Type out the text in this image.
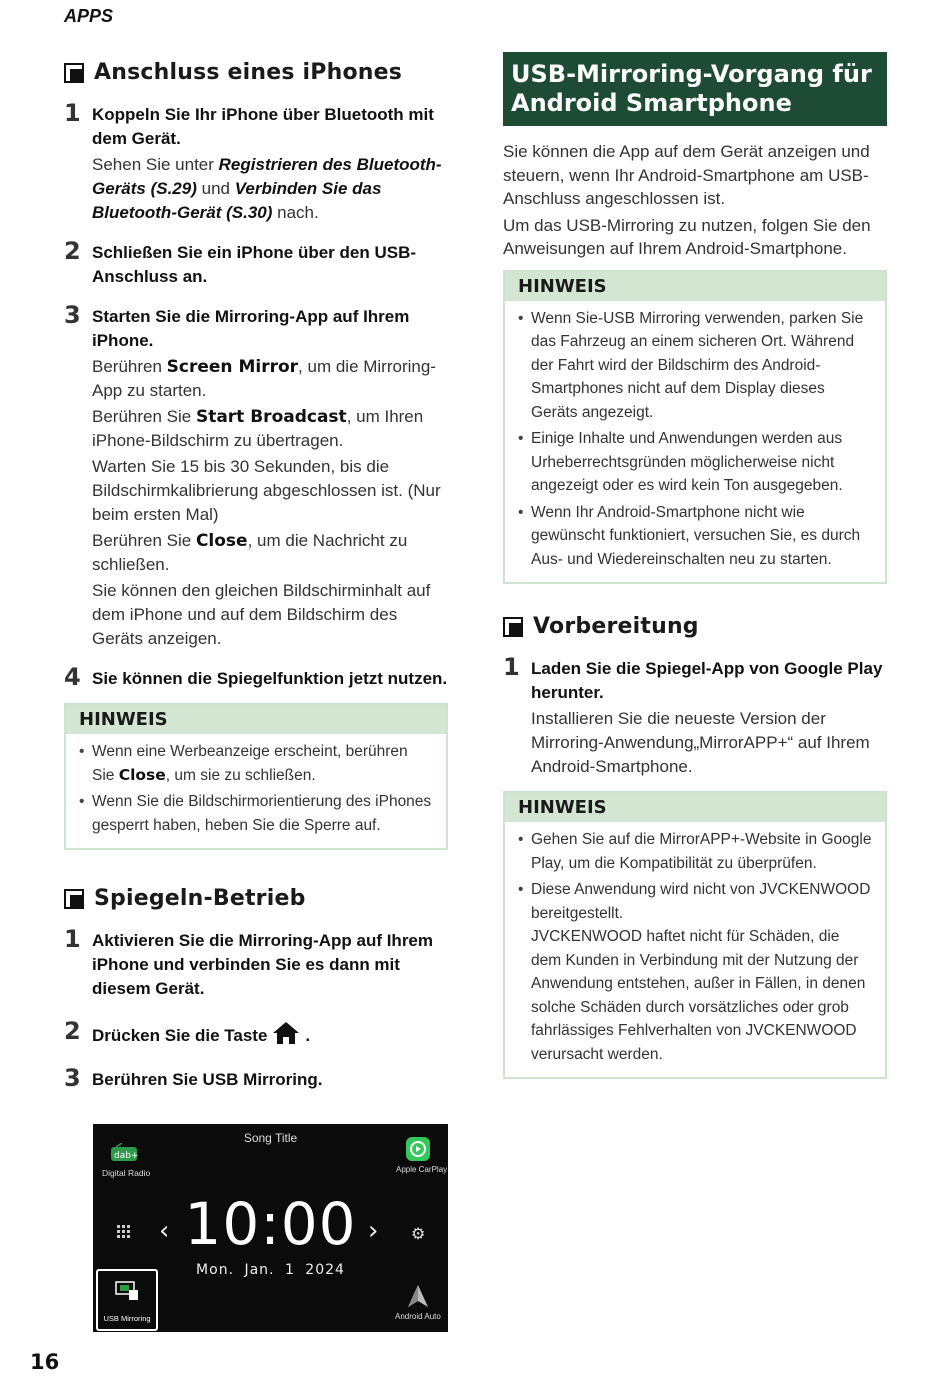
APPS
Anschluss eines iPhones
1 Koppeln Sie Ihr iPhone über Bluetooth mit dem Gerät.
Sehen Sie unter Registrieren des Bluetooth-Geräts (S.29) und Verbinden Sie das Bluetooth-Gerät (S.30) nach.
2 Schließen Sie ein iPhone über den USB-Anschluss an.
3 Starten Sie die Mirroring-App auf Ihrem iPhone.
Berühren Screen Mirror, um die Mirroring-App zu starten.
Berühren Sie Start Broadcast, um Ihren iPhone-Bildschirm zu übertragen.
Warten Sie 15 bis 30 Sekunden, bis die Bildschirmkalibrierung abgeschlossen ist. (Nur beim ersten Mal)
Berühren Sie Close, um die Nachricht zu schließen.
Sie können den gleichen Bildschirminhalt auf dem iPhone und auf dem Bildschirm des Geräts anzeigen.
4 Sie können die Spiegelfunktion jetzt nutzen.
HINWEIS
• Wenn eine Werbeanzeige erscheint, berühren Sie Close, um sie zu schließen.
• Wenn Sie die Bildschirmorientierung des iPhones gesperrt haben, heben Sie die Sperre auf.
Spiegeln-Betrieb
1 Aktivieren Sie die Mirroring-App auf Ihrem iPhone und verbinden Sie es dann mit diesem Gerät.
2 Drücken Sie die Taste .
3 Berühren Sie USB Mirroring.
Song Title
dab+
Digital Radio	Apple CarPlay
‹	›
10:00
Mon. Jan. 1 2024
⚙
USB Mirroring	Android Auto
USB-Mirroring-Vorgang für Android Smartphone
Sie können die App auf dem Gerät anzeigen und steuern, wenn Ihr Android-Smartphone am USB-Anschluss angeschlossen ist.
Um das USB-Mirroring zu nutzen, folgen Sie den Anweisungen auf Ihrem Android-Smartphone.
HINWEIS
• Wenn Sie-USB Mirroring verwenden, parken Sie das Fahrzeug an einem sicheren Ort. Während der Fahrt wird der Bildschirm des Android-Smartphones nicht auf dem Display dieses Geräts angezeigt.
• Einige Inhalte und Anwendungen werden aus Urheberrechtsgründen möglicherweise nicht angezeigt oder es wird kein Ton ausgegeben.
• Wenn Ihr Android-Smartphone nicht wie gewünscht funktioniert, versuchen Sie, es durch Aus- und Wiedereinschalten neu zu starten.
Vorbereitung
1 Laden Sie die Spiegel-App von Google Play herunter.
Installieren Sie die neueste Version der Mirroring-Anwendung„MirrorAPP+“ auf Ihrem Android-Smartphone.
HINWEIS
• Gehen Sie auf die MirrorAPP+-Website in Google Play, um die Kompatibilität zu überprüfen.
• Diese Anwendung wird nicht von JVCKENWOOD bereitgestellt.
JVCKENWOOD haftet nicht für Schäden, die dem Kunden in Verbindung mit der Nutzung der Anwendung entstehen, außer in Fällen, in denen solche Schäden durch vorsätzliches oder grob fahrlässiges Fehlverhalten von JVCKENWOOD verursacht werden.
16
